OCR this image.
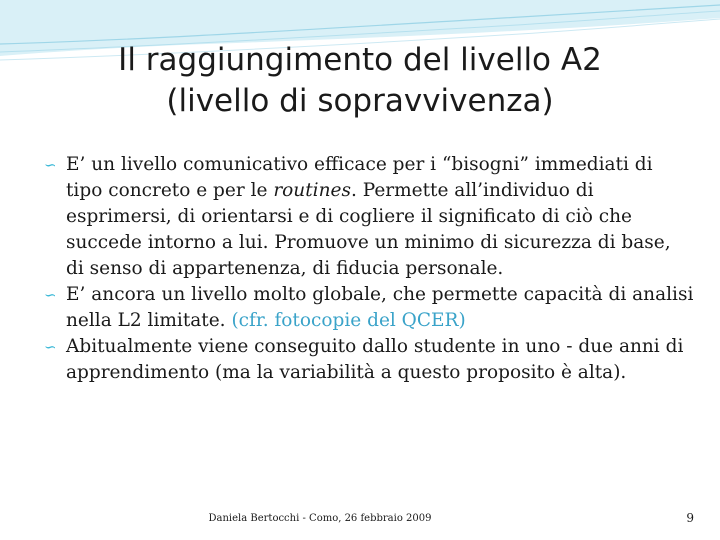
Il raggiungimento del livello A2
(livello di sopravvivenza)

∽ E’ un livello comunicativo efficace per i “bisogni” immediati di tipo concreto e per le routines. Permette all’individuo di esprimersi, di orientarsi e di cogliere il significato di ciò che succede intorno a lui. Promuove un minimo di sicurezza di base, di senso di appartenenza, di fiducia personale.

∽ E’ ancora un livello molto globale, che permette capacità di analisi nella L2 limitate. (cfr. fotocopie del QCER)

∽ Abitualmente viene conseguito dallo studente in uno - due anni di apprendimento (ma la variabilità a questo proposito è alta).

Daniela Bertocchi - Como, 26 febbraio 2009	9
